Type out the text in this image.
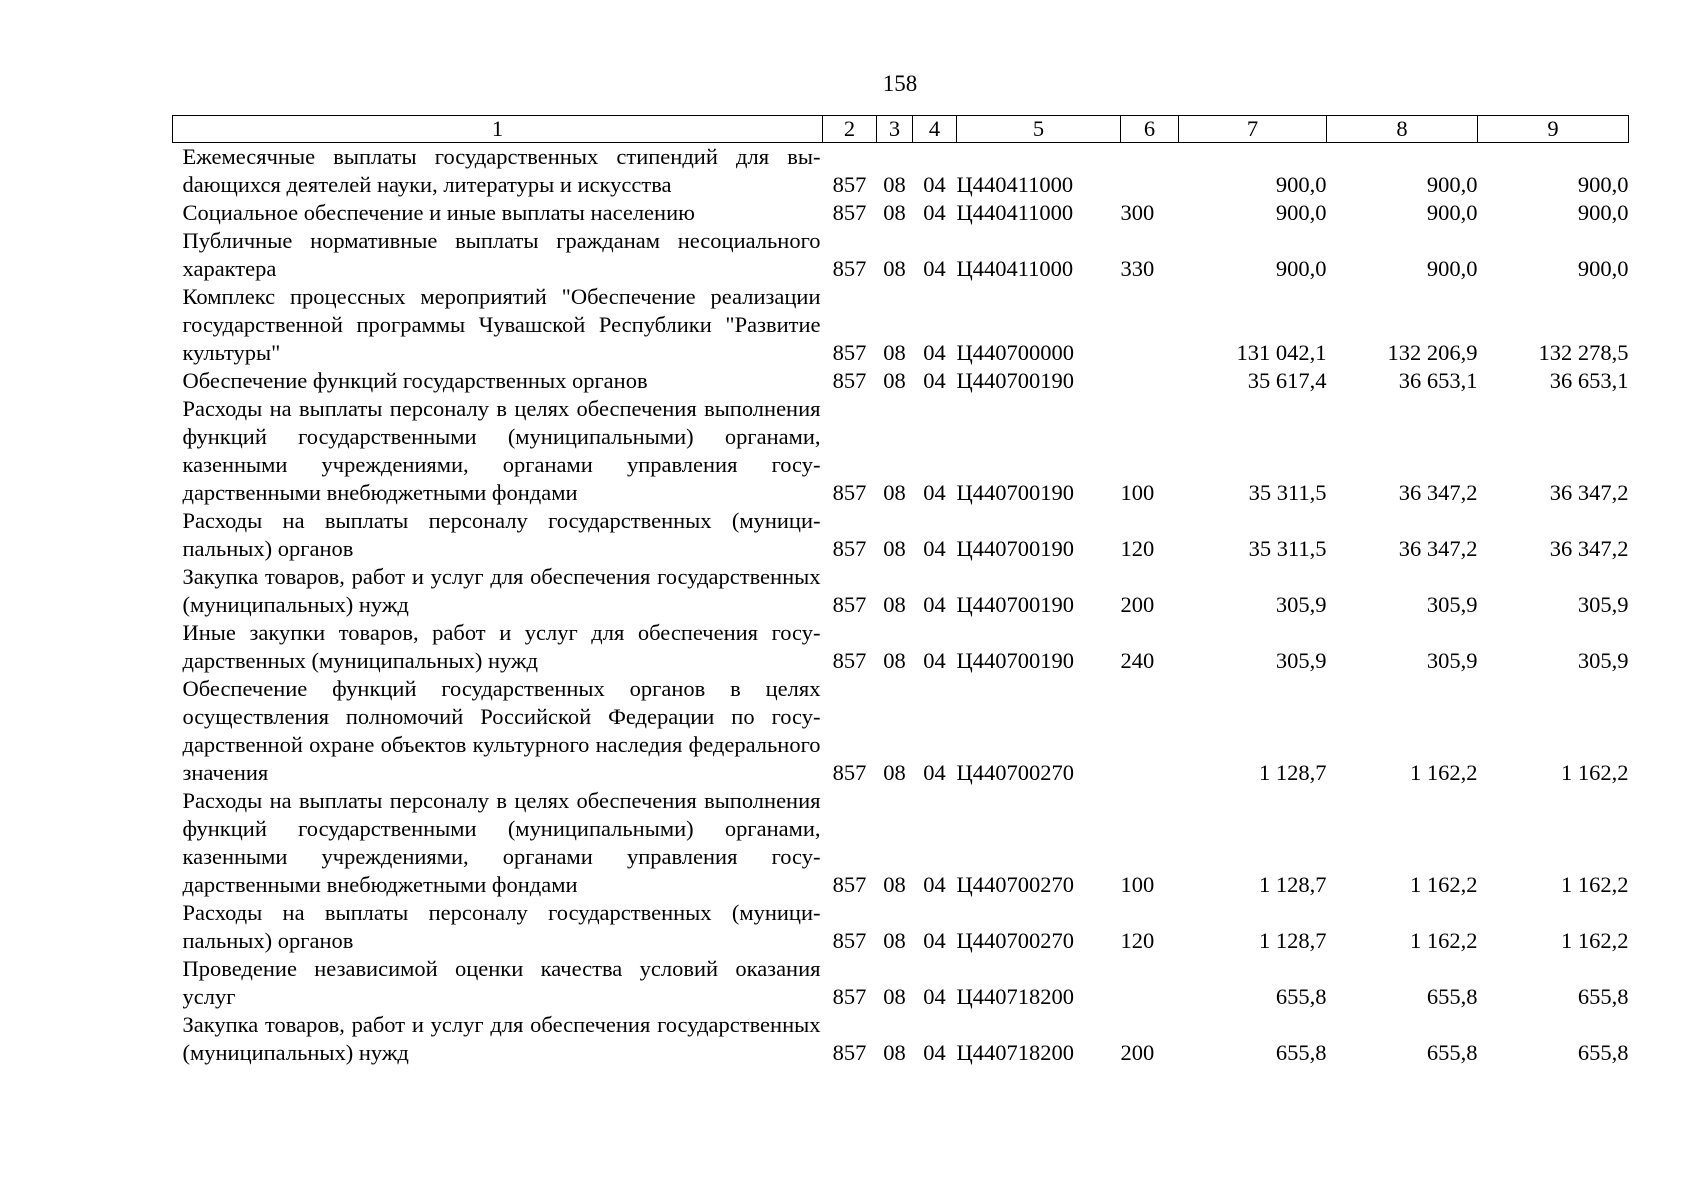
158
1	2	3	4	5	6	7	8	9
Ежемесячные выплаты государственных стипендий для выdающихся деятелей науки, литературы и искусства	857	08	04	Ц440411000		900,0	900,0	900,0
Социальное обеспечение и иные выплаты населению	857	08	04	Ц440411000	300	900,0	900,0	900,0
Публичные нормативные выплаты гражданам несоциального характера	857	08	04	Ц440411000	330	900,0	900,0	900,0
Комплекс процессных мероприятий "Обеспечение реализации государственной программы Чувашской Республики "Развитие культуры"	857	08	04	Ц440700000		131 042,1	132 206,9	132 278,5
Обеспечение функций государственных органов	857	08	04	Ц440700190		35 617,4	36 653,1	36 653,1
Расходы на выплаты персоналу в целях обеспечения выполнения функций государственными (муниципальными) органами, казенными учреждениями, органами управления государственными внебюджетными фондами	857	08	04	Ц440700190	100	35 311,5	36 347,2	36 347,2
Расходы на выплаты персоналу государственных (муниципальных) органов	857	08	04	Ц440700190	120	35 311,5	36 347,2	36 347,2
Закупка товаров, работ и услуг для обеспечения государственных (муниципальных) нужд	857	08	04	Ц440700190	200	305,9	305,9	305,9
Иные закупки товаров, работ и услуг для обеспечения государственных (муниципальных) нужд	857	08	04	Ц440700190	240	305,9	305,9	305,9
Обеспечение функций государственных органов в целях осуществления полномочий Российской Федерации по государственной охране объектов культурного наследия федерального значения	857	08	04	Ц440700270		1 128,7	1 162,2	1 162,2
Расходы на выплаты персоналу в целях обеспечения выполнения функций государственными (муниципальными) органами, казенными учреждениями, органами управления государственными внебюджетными фондами	857	08	04	Ц440700270	100	1 128,7	1 162,2	1 162,2
Расходы на выплаты персоналу государственных (муниципальных) органов	857	08	04	Ц440700270	120	1 128,7	1 162,2	1 162,2
Проведение независимой оценки качества условий оказания услуг	857	08	04	Ц440718200		655,8	655,8	655,8
Закупка товаров, работ и услуг для обеспечения государственных (муниципальных) нужд	857	08	04	Ц440718200	200	655,8	655,8	655,8
